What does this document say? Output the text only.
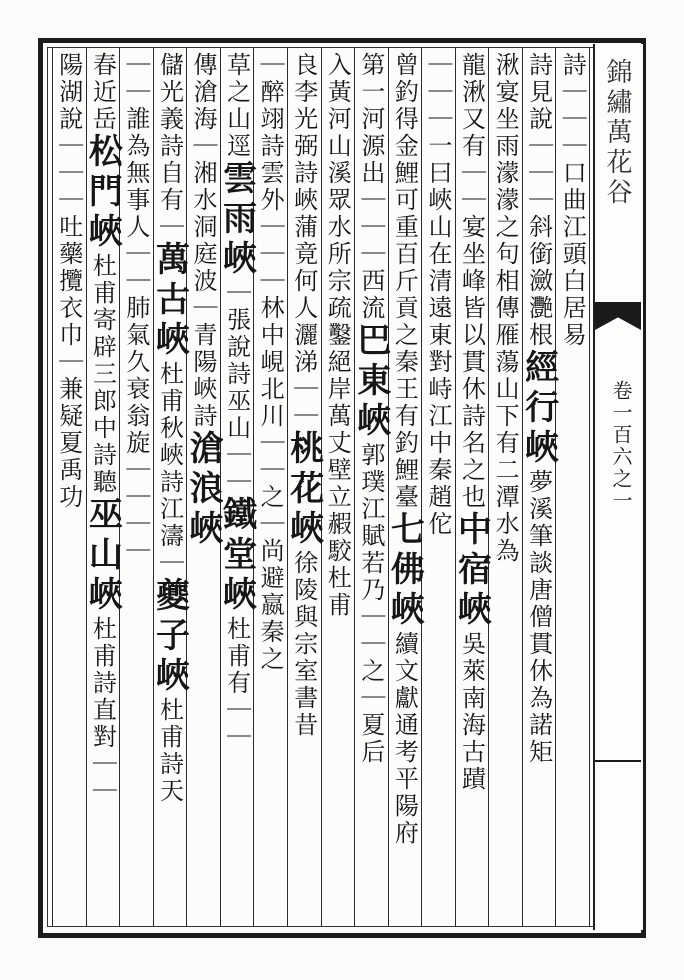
詩｜｜｜口曲江頭白居易
詩見說｜｜｜斜銜瀲灧根經行峽夢溪筆談唐僧貫休為諾矩
湫宴坐雨濛濛之句相傳雁蕩山下有二潭水為
龍湫又有｜｜宴坐峰皆以貫休詩名之也中宿峽吳萊南海古蹟
｜｜｜一曰峽山在清遠東對峙江中秦趙佗
曾釣得金鯉可重百斤貢之秦王有釣鯉臺七佛峽續文獻通考平陽府
第一河源出｜｜｜西流巴東峽郭璞江賦若乃｜｜之｜夏后
入黃河山溪眾水所宗疏鑿絕岸萬丈壁立赮駮杜甫
良李光弼詩峽蒲竟何人灑涕｜｜桃花峽徐陵與宗室書昔
｜醉翊詩雲外｜｜｜林中峴北川｜｜之｜尚避嬴秦之
草之山逕雲雨峽｜張說詩巫山｜｜鐵堂峽杜甫有｜｜
傳滄海｜湘水洞庭波｜青陽峽詩滄浪峽
儲光義詩自有｜萬古峽杜甫秋峽詩江濤｜夔子峽杜甫詩天
｜｜誰為無事人｜｜肺氣久衰翁旋｜｜｜｜
春近岳松門峽杜甫寄辟三郎中詩聽巫山峽杜甫詩直對｜｜
陽湖說｜｜｜吐藥攬衣巾｜兼疑夏禹功
錦繡萬花谷
卷一百六之一
